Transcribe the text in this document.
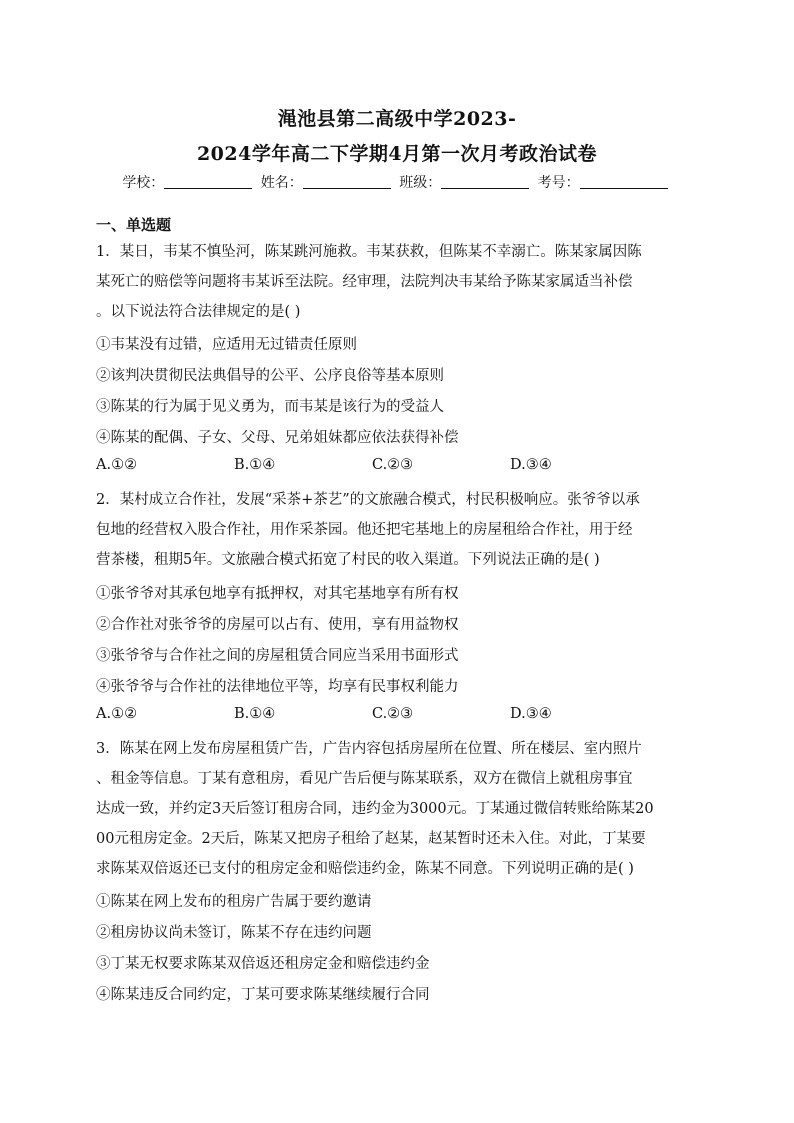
渑池县第二高级中学2023-
2024学年高二下学期4月第一次月考政治试卷
学校：	姓名：	班级：	考号：
一、单选题
1．某日，韦某不慎坠河，陈某跳河施救。韦某获救，但陈某不幸溺亡。陈某家属因陈
某死亡的赔偿等问题将韦某诉至法院。经审理，法院判决韦某给予陈某家属适当补偿
。以下说法符合法律规定的是( )
①韦某没有过错，应适用无过错责任原则
②该判决贯彻民法典倡导的公平、公序良俗等基本原则
③陈某的行为属于见义勇为，而韦某是该行为的受益人
④陈某的配偶、子女、父母、兄弟姐妹都应依法获得补偿
A.①②	B.①④	C.②③	D.③④
2．某村成立合作社，发展“采茶+茶艺”的文旅融合模式，村民积极响应。张爷爷以承
包地的经营权入股合作社，用作采茶园。他还把宅基地上的房屋租给合作社，用于经
营茶楼，租期5年。文旅融合模式拓宽了村民的收入渠道。下列说法正确的是( )
①张爷爷对其承包地享有抵押权，对其宅基地享有所有权
②合作社对张爷爷的房屋可以占有、使用，享有用益物权
③张爷爷与合作社之间的房屋租赁合同应当采用书面形式
④张爷爷与合作社的法律地位平等，均享有民事权利能力
A.①②	B.①④	C.②③	D.③④
3．陈某在网上发布房屋租赁广告，广告内容包括房屋所在位置、所在楼层、室内照片
、租金等信息。丁某有意租房，看见广告后便与陈某联系，双方在微信上就租房事宜
达成一致，并约定3天后签订租房合同，违约金为3000元。丁某通过微信转账给陈某20
00元租房定金。2天后，陈某又把房子租给了赵某，赵某暂时还未入住。对此，丁某要
求陈某双倍返还已支付的租房定金和赔偿违约金，陈某不同意。下列说明正确的是( )
①陈某在网上发布的租房广告属于要约邀请
②租房协议尚未签订，陈某不存在违约问题
③丁某无权要求陈某双倍返还租房定金和赔偿违约金
④陈某违反合同约定，丁某可要求陈某继续履行合同
